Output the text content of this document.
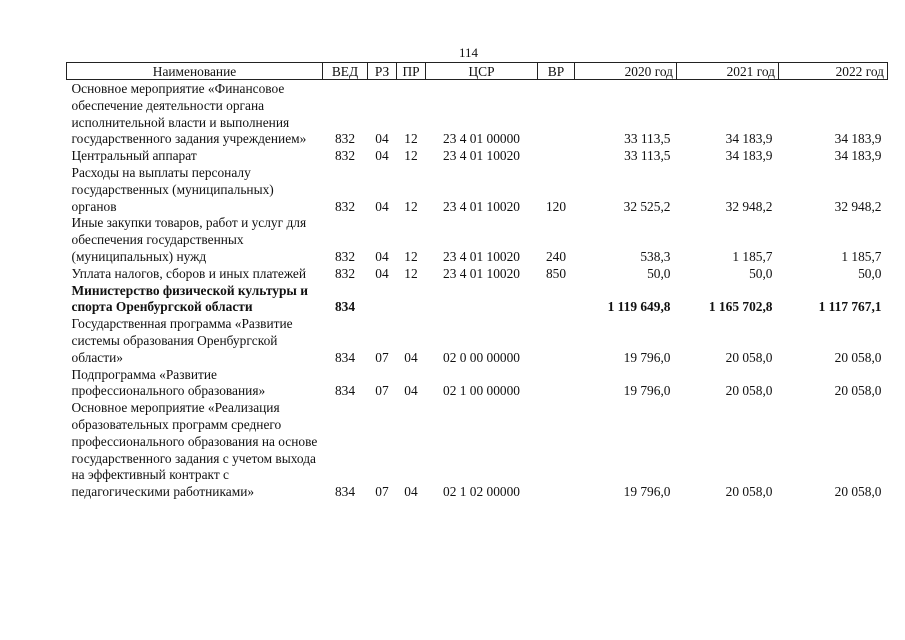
114
Наименование	ВЕД	РЗ	ПР	ЦСР	ВР	2020 год	2021 год	2022 год
Основное мероприятие «Финансовое обеспечение деятельности органа исполнительной власти и выполнения государственного задания учреждением»	832	04	12	23 4 01 00000		33 113,5	34 183,9	34 183,9
Центральный аппарат	832	04	12	23 4 01 10020		33 113,5	34 183,9	34 183,9
Расходы на выплаты персоналу государственных (муниципальных) органов	832	04	12	23 4 01 10020	120	32 525,2	32 948,2	32 948,2
Иные закупки товаров, работ и услуг для обеспечения государственных (муниципальных) нужд	832	04	12	23 4 01 10020	240	538,3	1 185,7	1 185,7
Уплата налогов, сборов и иных платежей	832	04	12	23 4 01 10020	850	50,0	50,0	50,0
Министерство физической культуры и спорта Оренбургской области	834					1 119 649,8	1 165 702,8	1 117 767,1
Государственная программа «Развитие системы образования Оренбургской области»	834	07	04	02 0 00 00000		19 796,0	20 058,0	20 058,0
Подпрограмма «Развитие профессионального образования»	834	07	04	02 1 00 00000		19 796,0	20 058,0	20 058,0
Основное мероприятие «Реализация образовательных программ среднего профессионального образования на основе государственного задания с учетом выхода на эффективный контракт с педагогическими работниками»	834	07	04	02 1 02 00000		19 796,0	20 058,0	20 058,0
